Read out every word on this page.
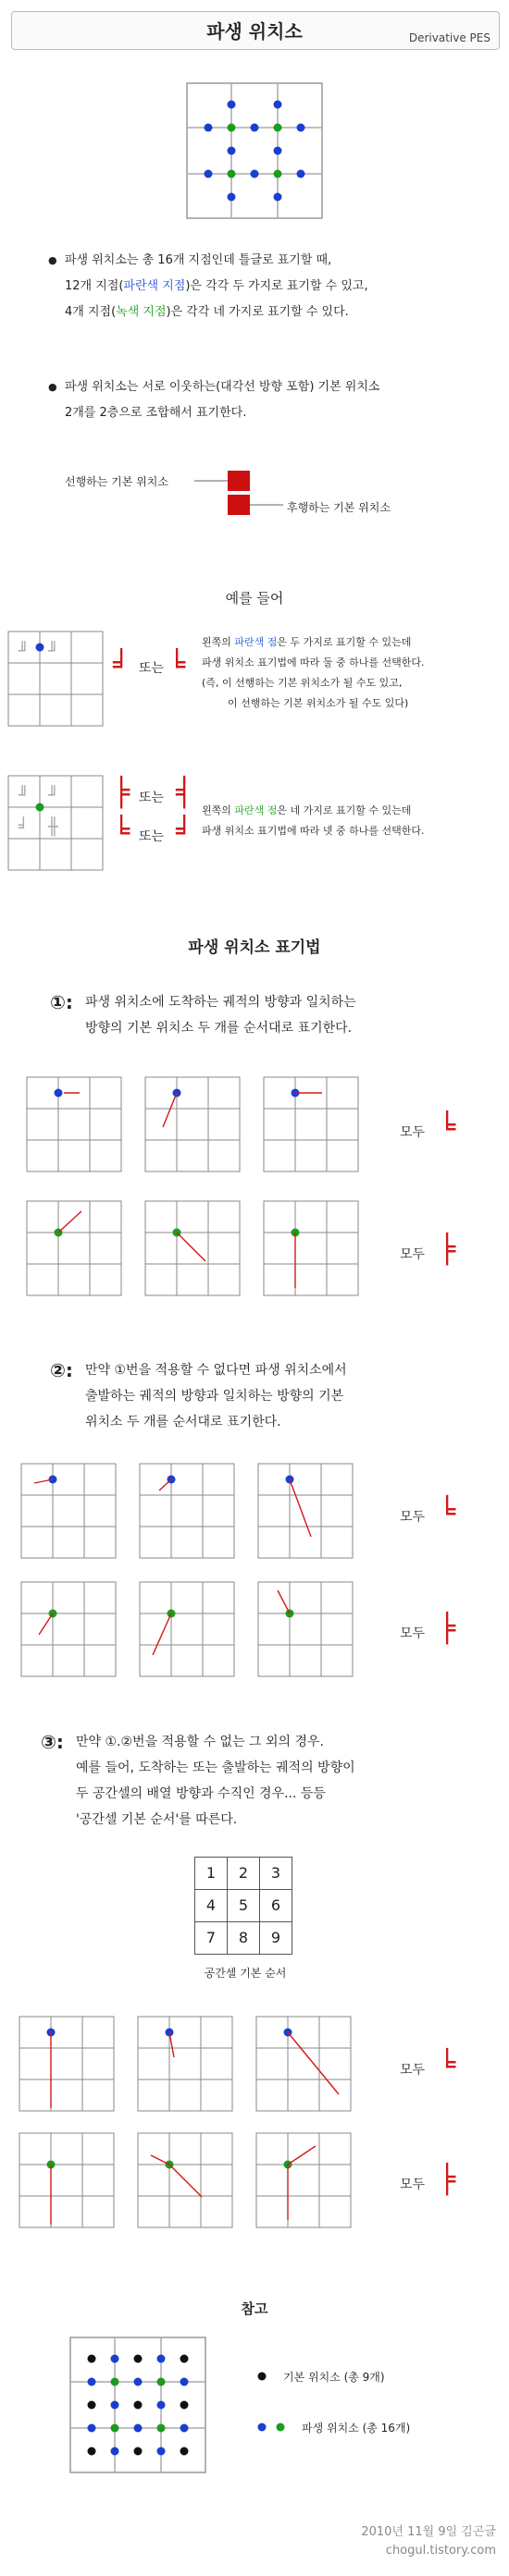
파생 위치소	Derivative PES
● 파생 위치소는 총 16개 지점인데 틀글로 표기할 때,
12개 지점(파란색 지점)은 각각 두 가지로 표기할 수 있고,
4개 지점(녹색 지점)은 각각 네 가지로 표기할 수 있다.
● 파생 위치소는 서로 이웃하는(대각선 방향 포함) 기본 위치소
2개를 2층으로 조합해서 표기한다.
선행하는 기본 위치소
후행하는 기본 위치소
예를 들어
╜ ╜ ╛ 또는 ╘
왼쪽의 파란색 점은 두 가지로 표기할 수 있는데
파생 위치소 표기법에 따라 둘 중 하나를 선택한다.
(즉, 이 선행하는 기본 위치소가 될 수도 있고,
이 선행하는 기본 위치소가 될 수도 있다)
╜ ╜
╛ ╫
╞ 또는 ╡
╘ 또는 ╛
왼쪽의 파란색 점은 네 가지로 표기할 수 있는데
파생 위치소 표기법에 따라 넷 중 하나를 선택한다.
파생 위치소 표기법
①: 파생 위치소에 도착하는 궤적의 방향과 일치하는
방향의 기본 위치소 두 개를 순서대로 표기한다.
모두 ╘
모두 ╞
②: 만약 ①번을 적용할 수 없다면 파생 위치소에서
출발하는 궤적의 방향과 일치하는 방향의 기본
위치소 두 개를 순서대로 표기한다.
모두 ╘
모두 ╞
③: 만약 ①.②번을 적용할 수 없는 그 외의 경우.
예를 들어, 도착하는 또는 출발하는 궤적의 방향이
두 공간셀의 배열 방향과 수직인 경우... 등등
'공간셀 기본 순서'를 따른다.
1	2	3
4	5	6
7	8	9
공간셀 기본 순서
모두 ╘
모두 ╞
참고
기본 위치소 (총 9개)
파생 위치소 (총 16개)
2010년 11월 9일 김곤글
chogul.tistory.com
